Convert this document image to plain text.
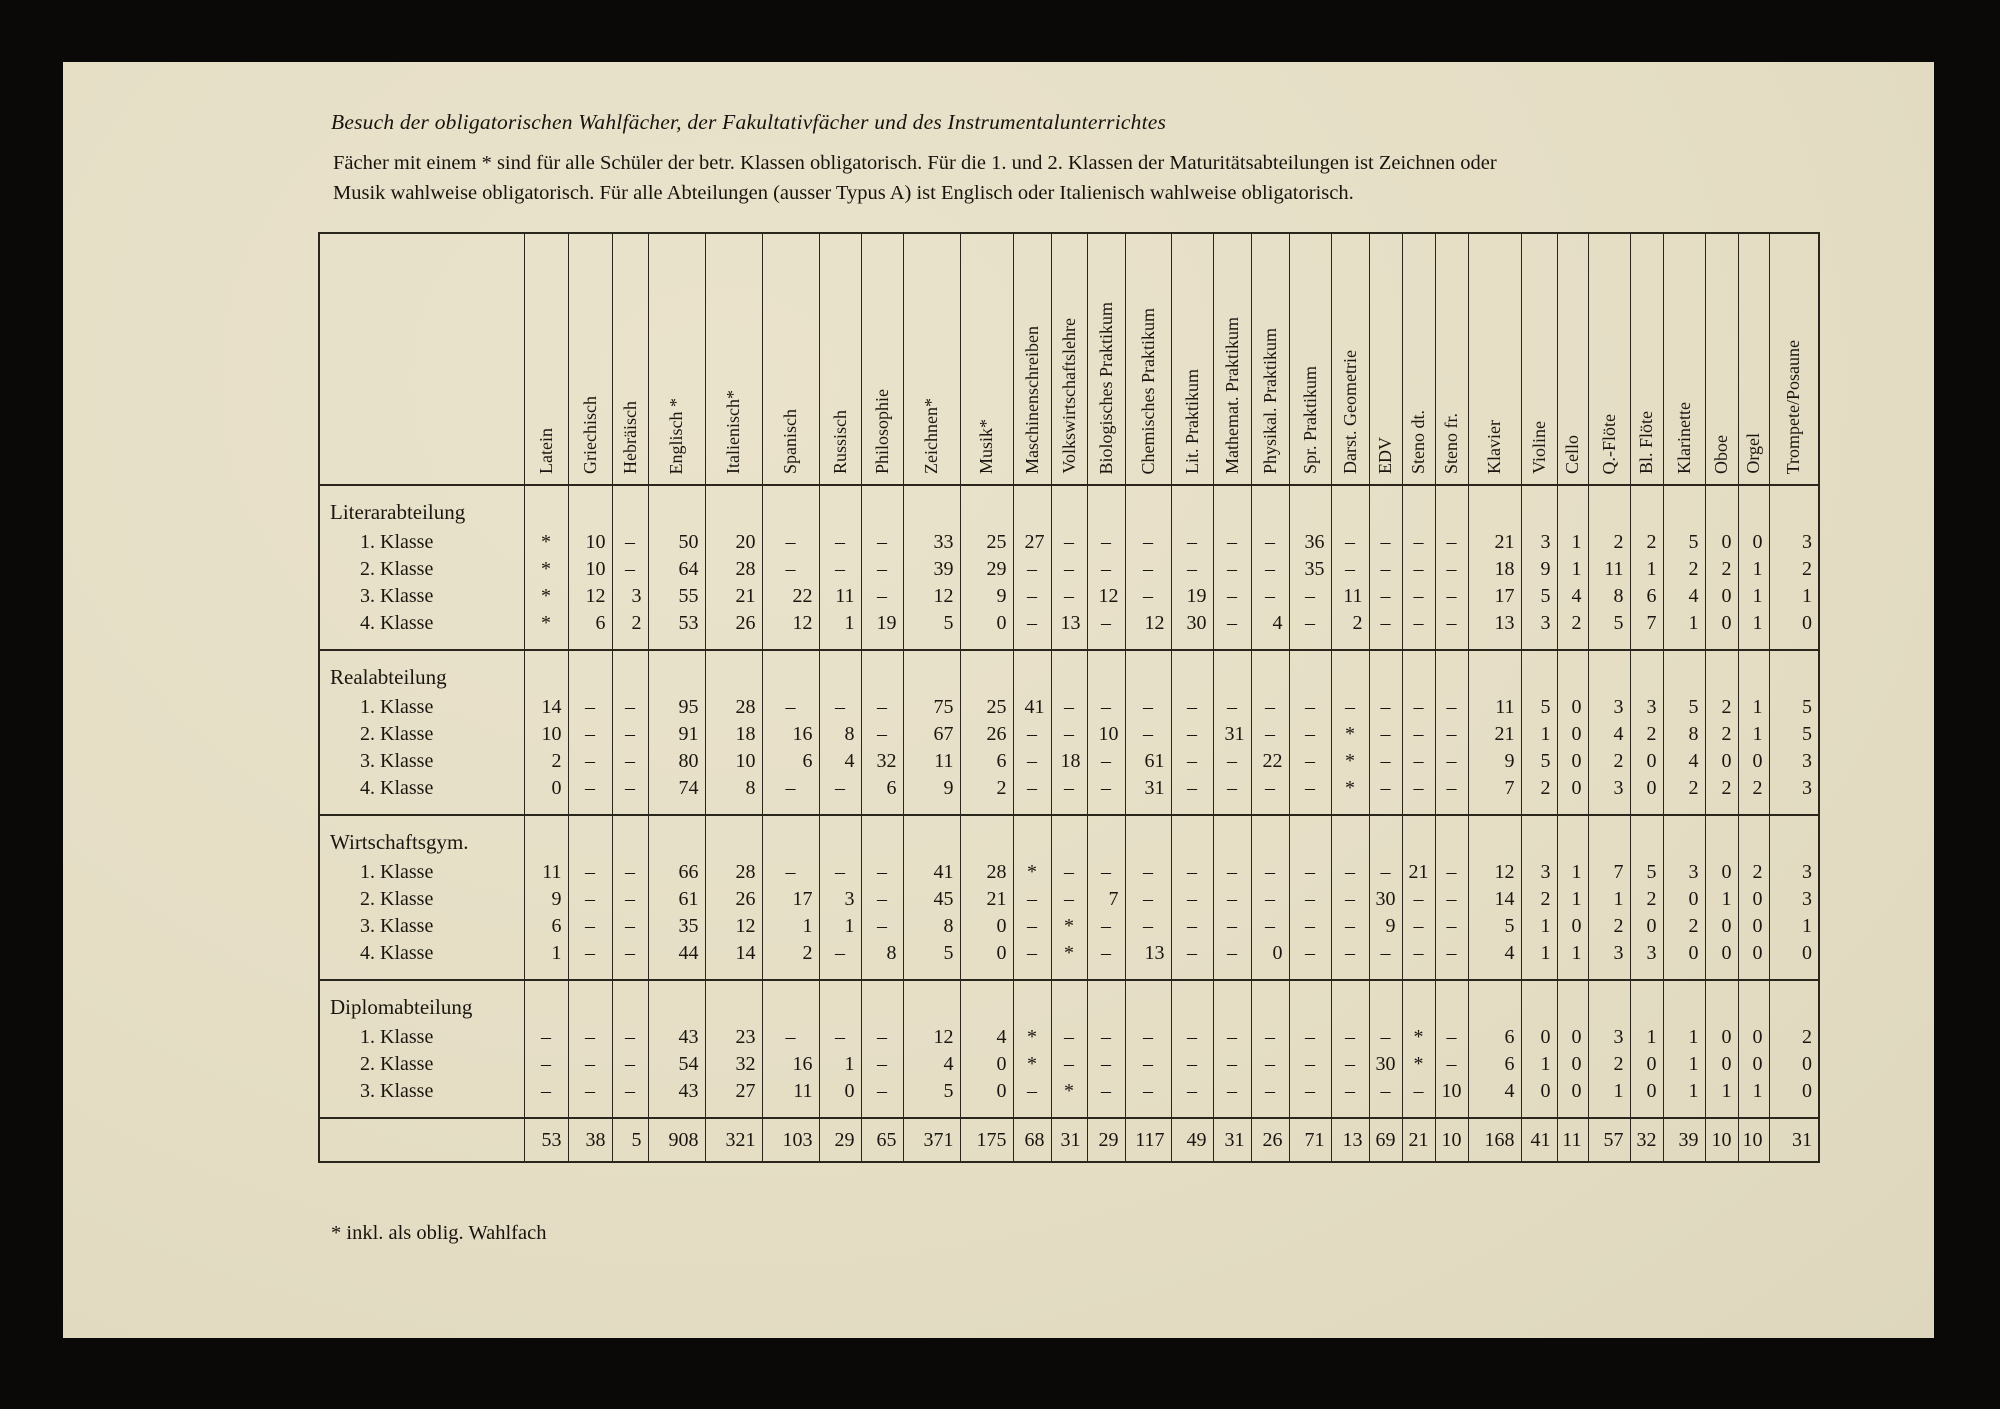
Besuch der obligatorischen Wahlfächer, der Fakultativfächer und des Instrumentalunterrichtes
Fächer mit einem * sind für alle Schüler der betr. Klassen obligatorisch. Für die 1. und 2. Klassen der Maturitätsabteilungen ist Zeichnen oder
Musik wahlweise obligatorisch. Für alle Abteilungen (ausser Typus A) ist Englisch oder Italienisch wahlweise obligatorisch.

	Latein	Griechisch	Hebräisch	Englisch *	Italienisch*	Spanisch	Russisch	Philosophie	Zeichnen*	Musik*	Maschinenschreiben	Volkswirtschaftslehre	Biologisches Praktikum	Chemisches Praktikum	Lit. Praktikum	Mathemat. Praktikum	Physikal. Praktikum	Spr. Praktikum	Darst. Geometrie	EDV	Steno dt.	Steno fr.	Klavier	Violine	Cello	Q.-Flöte	Bl. Flöte	Klarinette	Oboe	Orgel	Trompete/Posaune

Literarabteilung																															
1. Klasse	*	10	–	50	20	–	–	–	33	25	27	–	–	–	–	–	–	36	–	–	–	–	21	3	1	2	2	5	0	0	3
2. Klasse	*	10	–	64	28	–	–	–	39	29	–	–	–	–	–	–	–	35	–	–	–	–	18	9	1	11	1	2	2	1	2
3. Klasse	*	12	3	55	21	22	11	–	12	9	–	–	12	–	19	–	–	–	11	–	–	–	17	5	4	8	6	4	0	1	1
4. Klasse	*	6	2	53	26	12	1	19	5	0	–	13	–	12	30	–	4	–	2	–	–	–	13	3	2	5	7	1	0	1	0

Realabteilung																															
1. Klasse	14	–	–	95	28	–	–	–	75	25	41	–	–	–	–	–	–	–	–	–	–	–	11	5	0	3	3	5	2	1	5
2. Klasse	10	–	–	91	18	16	8	–	67	26	–	–	10	–	–	31	–	–	*	–	–	–	21	1	0	4	2	8	2	1	5
3. Klasse	2	–	–	80	10	6	4	32	11	6	–	18	–	61	–	–	22	–	*	–	–	–	9	5	0	2	0	4	0	0	3
4. Klasse	0	–	–	74	8	–	–	6	9	2	–	–	–	31	–	–	–	–	*	–	–	–	7	2	0	3	0	2	2	2	3

Wirtschaftsgym.																															
1. Klasse	11	–	–	66	28	–	–	–	41	28	*	–	–	–	–	–	–	–	–	–	21	–	12	3	1	7	5	3	0	2	3
2. Klasse	9	–	–	61	26	17	3	–	45	21	–	–	7	–	–	–	–	–	–	30	–	–	14	2	1	1	2	0	1	0	3
3. Klasse	6	–	–	35	12	1	1	–	8	0	–	*	–	–	–	–	–	–	–	9	–	–	5	1	0	2	0	2	0	0	1
4. Klasse	1	–	–	44	14	2	–	8	5	0	–	*	–	13	–	–	0	–	–	–	–	–	4	1	1	3	3	0	0	0	0

Diplomabteilung																															
1. Klasse	–	–	–	43	23	–	–	–	12	4	*	–	–	–	–	–	–	–	–	–	*	–	6	0	0	3	1	1	0	0	2
2. Klasse	–	–	–	54	32	16	1	–	4	0	*	–	–	–	–	–	–	–	–	30	*	–	6	1	0	2	0	1	0	0	0
3. Klasse	–	–	–	43	27	11	0	–	5	0	–	*	–	–	–	–	–	–	–	–	–	10	4	0	0	1	0	1	1	1	0

	53	38	5	908	321	103	29	65	371	175	68	31	29	117	49	31	26	71	13	69	21	10	168	41	11	57	32	39	10	10	31
* inkl. als oblig. Wahlfach
